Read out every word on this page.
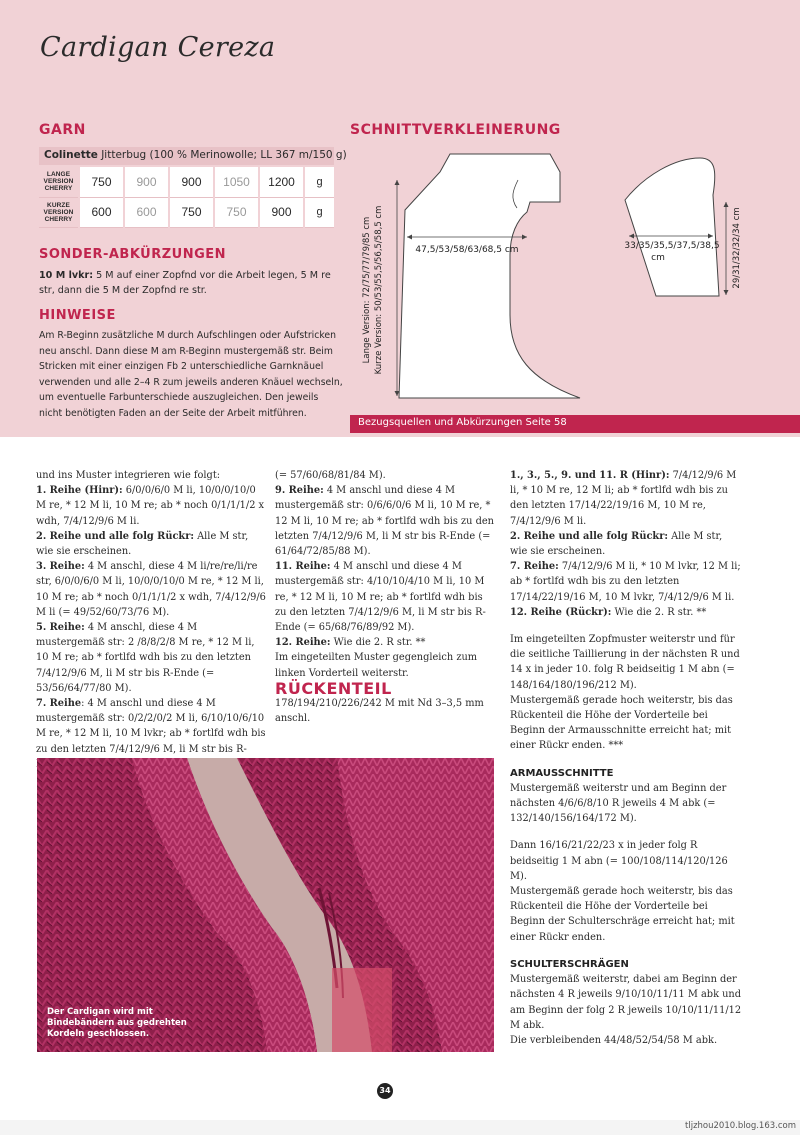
Cardigan Cereza
GARN
Colinette Jitterbug (100 % Merinowolle; LL 367 m/150 g)
LANGE
VERSION
CHERRY	750	900	900	1050	1200	g
KURZE
VERSION
CHERRY	600	600	750	750	900	g
SONDER-ABKÜRZUNGEN
10 M lvkr: 5 M auf einer Zopfnd vor die Arbeit legen, 5 M re str, dann die 5 M der Zopfnd re str.
HINWEISE
Am R-Beginn zusätzliche M durch Aufschlingen oder Aufstricken neu anschl. Dann diese M am R-Beginn mustergemäß str. Beim Stricken mit einer einzigen Fb 2 unterschiedliche Garnknäuel verwenden und alle 2–4 R zum jeweils anderen Knäuel wechseln, um eventuelle Farbunterschiede auszugleichen. Den jeweils nicht benötigten Faden an der Seite der Arbeit mitführen.
SCHNITTVERKLEINERUNG
47,5/53/58/63/68,5 cm
Lange Version: 72/75/77/79/85 cm Kurze Version: 50/53/55,5/56,5/58,5 cm	33/35/35,5/37,5/38,5
cm	29/31/32/32/34 cm
Bezugsquellen und Abkürzungen Seite 58

und ins Muster integrieren wie folgt:

1. Reihe (Hinr): 6/0/0/6/0 M li, 10/0/0/10/0 M re, * 12 M li, 10 M re; ab * noch 0/1/1/1/2 x wdh, 7/4/12/9/6 M li.

2. Reihe und alle folg Rückr: Alle M str, wie sie erscheinen.

3. Reihe: 4 M anschl, diese 4 M li/re/re/li/re str, 6/0/0/6/0 M li, 10/0/0/10/0 M re, * 12 M li, 10 M re; ab * noch 0/1/1/1/2 x wdh, 7/4/12/9/6 M li (= 49/52/60/73/76 M).

5. Reihe: 4 M anschl, diese 4 M mustergemäß str: 2 /8/8/2/8 M re, * 12 M li, 10 M re; ab * fortlfd wdh bis zu den letzten 7/4/12/9/6 M, li M str bis R-Ende (= 53/56/64/77/80 M).

7. Reihe: 4 M anschl und diese 4 M mustergemäß str: 0/2/2/0/2 M li, 6/10/10/6/10 M re, * 12 M li, 10 M lvkr; ab * fortlfd wdh bis zu den letzten 7/4/12/9/6 M, li M str bis R-

(= 57/60/68/81/84 M).

9. Reihe: 4 M anschl und diese 4 M mustergemäß str: 0/6/6/0/6 M li, 10 M re, * 12 M li, 10 M re; ab * fortlfd wdh bis zu den letzten 7/4/12/9/6 M, li M str bis R-Ende (= 61/64/72/85/88 M).

11. Reihe: 4 M anschl und diese 4 M mustergemäß str: 4/10/10/4/10 M li, 10 M re, * 12 M li, 10 M re; ab * fortlfd wdh bis zu den letzten 7/4/12/9/6 M, li M str bis R-Ende (= 65/68/76/89/92 M).

12. Reihe: Wie die 2. R str. **

Im eingeteilten Muster gegengleich zum linken Vorderteil weiterstr.

RÜCKENTEIL

178/194/210/226/242 M mit Nd 3–3,5 mm anschl.

1., 3., 5., 9. und 11. R (Hinr): 7/4/12/9/6 M li, * 10 M re, 12 M li; ab * fortlfd wdh bis zu den letzten 17/14/22/19/16 M, 10 M re, 7/4/12/9/6 M li.

2. Reihe und alle folg Rückr: Alle M str, wie sie erscheinen.

7. Reihe: 7/4/12/9/6 M li, * 10 M lvkr, 12 M li; ab * fortlfd wdh bis zu den letzten 17/14/22/19/16 M, 10 M lvkr, 7/4/12/9/6 M li.

12. Reihe (Rückr): Wie die 2. R str. **

Im eingeteilten Zopfmuster weiterstr und für die seitliche Taillierung in der nächsten R und 14 x in jeder 10. folg R beidseitig 1 M abn (= 148/164/180/196/212 M).

Mustergemäß gerade hoch weiterstr, bis das Rückenteil die Höhe der Vorderteile bei Beginn der Armausschnitte erreicht hat; mit einer Rückr enden. ***

ARMAUSSCHNITTE

Mustergemäß weiterstr und am Beginn der nächsten 4/6/6/8/10 R jeweils 4 M abk (= 132/140/156/164/172 M).

Dann 16/16/21/22/23 x in jeder folg R beidseitig 1 M abn (= 100/108/114/120/126 M).

Mustergemäß gerade hoch weiterstr, bis das Rückenteil die Höhe der Vorderteile bei Beginn der Schulterschräge erreicht hat; mit einer Rückr enden.

SCHULTERSCHRÄGEN

Mustergemäß weiterstr, dabei am Beginn der nächsten 4 R jeweils 9/10/10/11/11 M abk und am Beginn der folg 2 R jeweils 10/10/11/11/12 M abk.

Die verbleibenden 44/48/52/54/58 M abk.

Der Cardigan wird mit Bindebändern aus gedrehten Kordeln geschlossen.
34
tljzhou2010.blog.163.com
